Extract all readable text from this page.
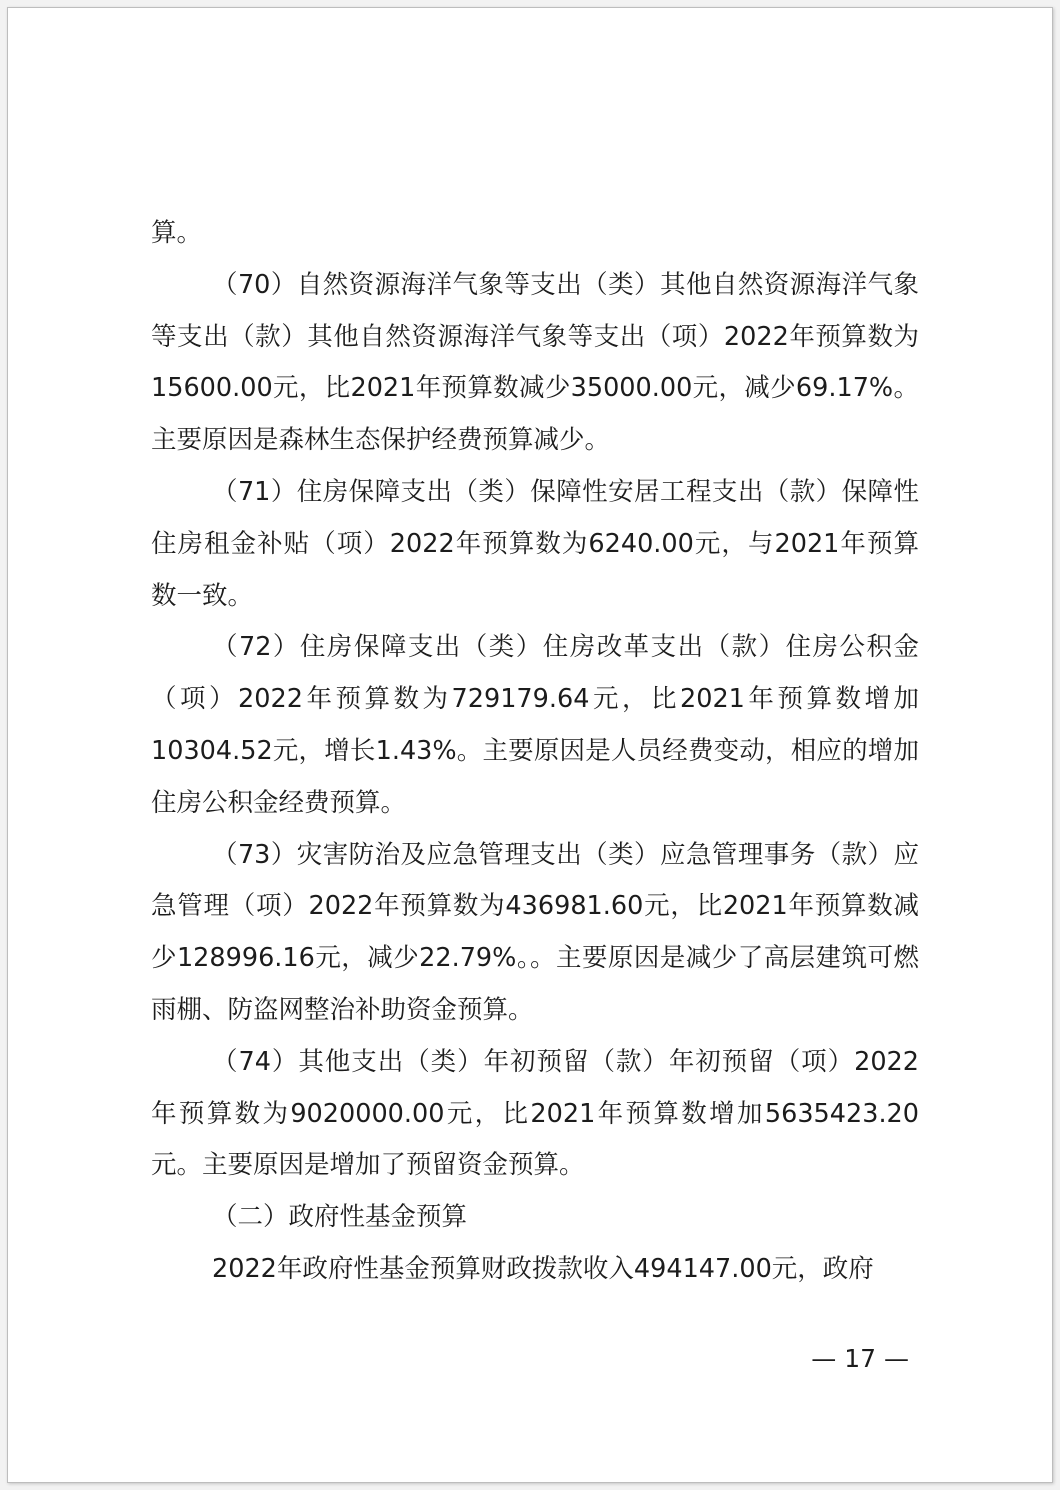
算。

（70）自然资源海洋气象等支出（类）其他自然资源海洋气象等支出（款）其他自然资源海洋气象等支出（项）2022年预算数为15600.00元，比2021年预算数减少35000.00元，减少69.17%。主要原因是森林生态保护经费预算减少。

（71）住房保障支出（类）保障性安居工程支出（款）保障性住房租金补贴（项）2022年预算数为6240.00元，与2021年预算数一致。

（72）住房保障支出（类）住房改革支出（款）住房公积金（项）2022年预算数为729179.64元，比2021年预算数增加10304.52元，增长1.43%。主要原因是人员经费变动，相应的增加住房公积金经费预算。

（73）灾害防治及应急管理支出（类）应急管理事务（款）应急管理（项）2022年预算数为436981.60元，比2021年预算数减少128996.16元，减少22.79%。。主要原因是减少了高层建筑可燃雨棚、防盗网整治补助资金预算。

（74）其他支出（类）年初预留（款）年初预留（项）2022年预算数为9020000.00元，比2021年预算数增加5635423.20元。主要原因是增加了预留资金预算。

（二）政府性基金预算

2022年政府性基金预算财政拨款收入494147.00元，政府

— 17 —
